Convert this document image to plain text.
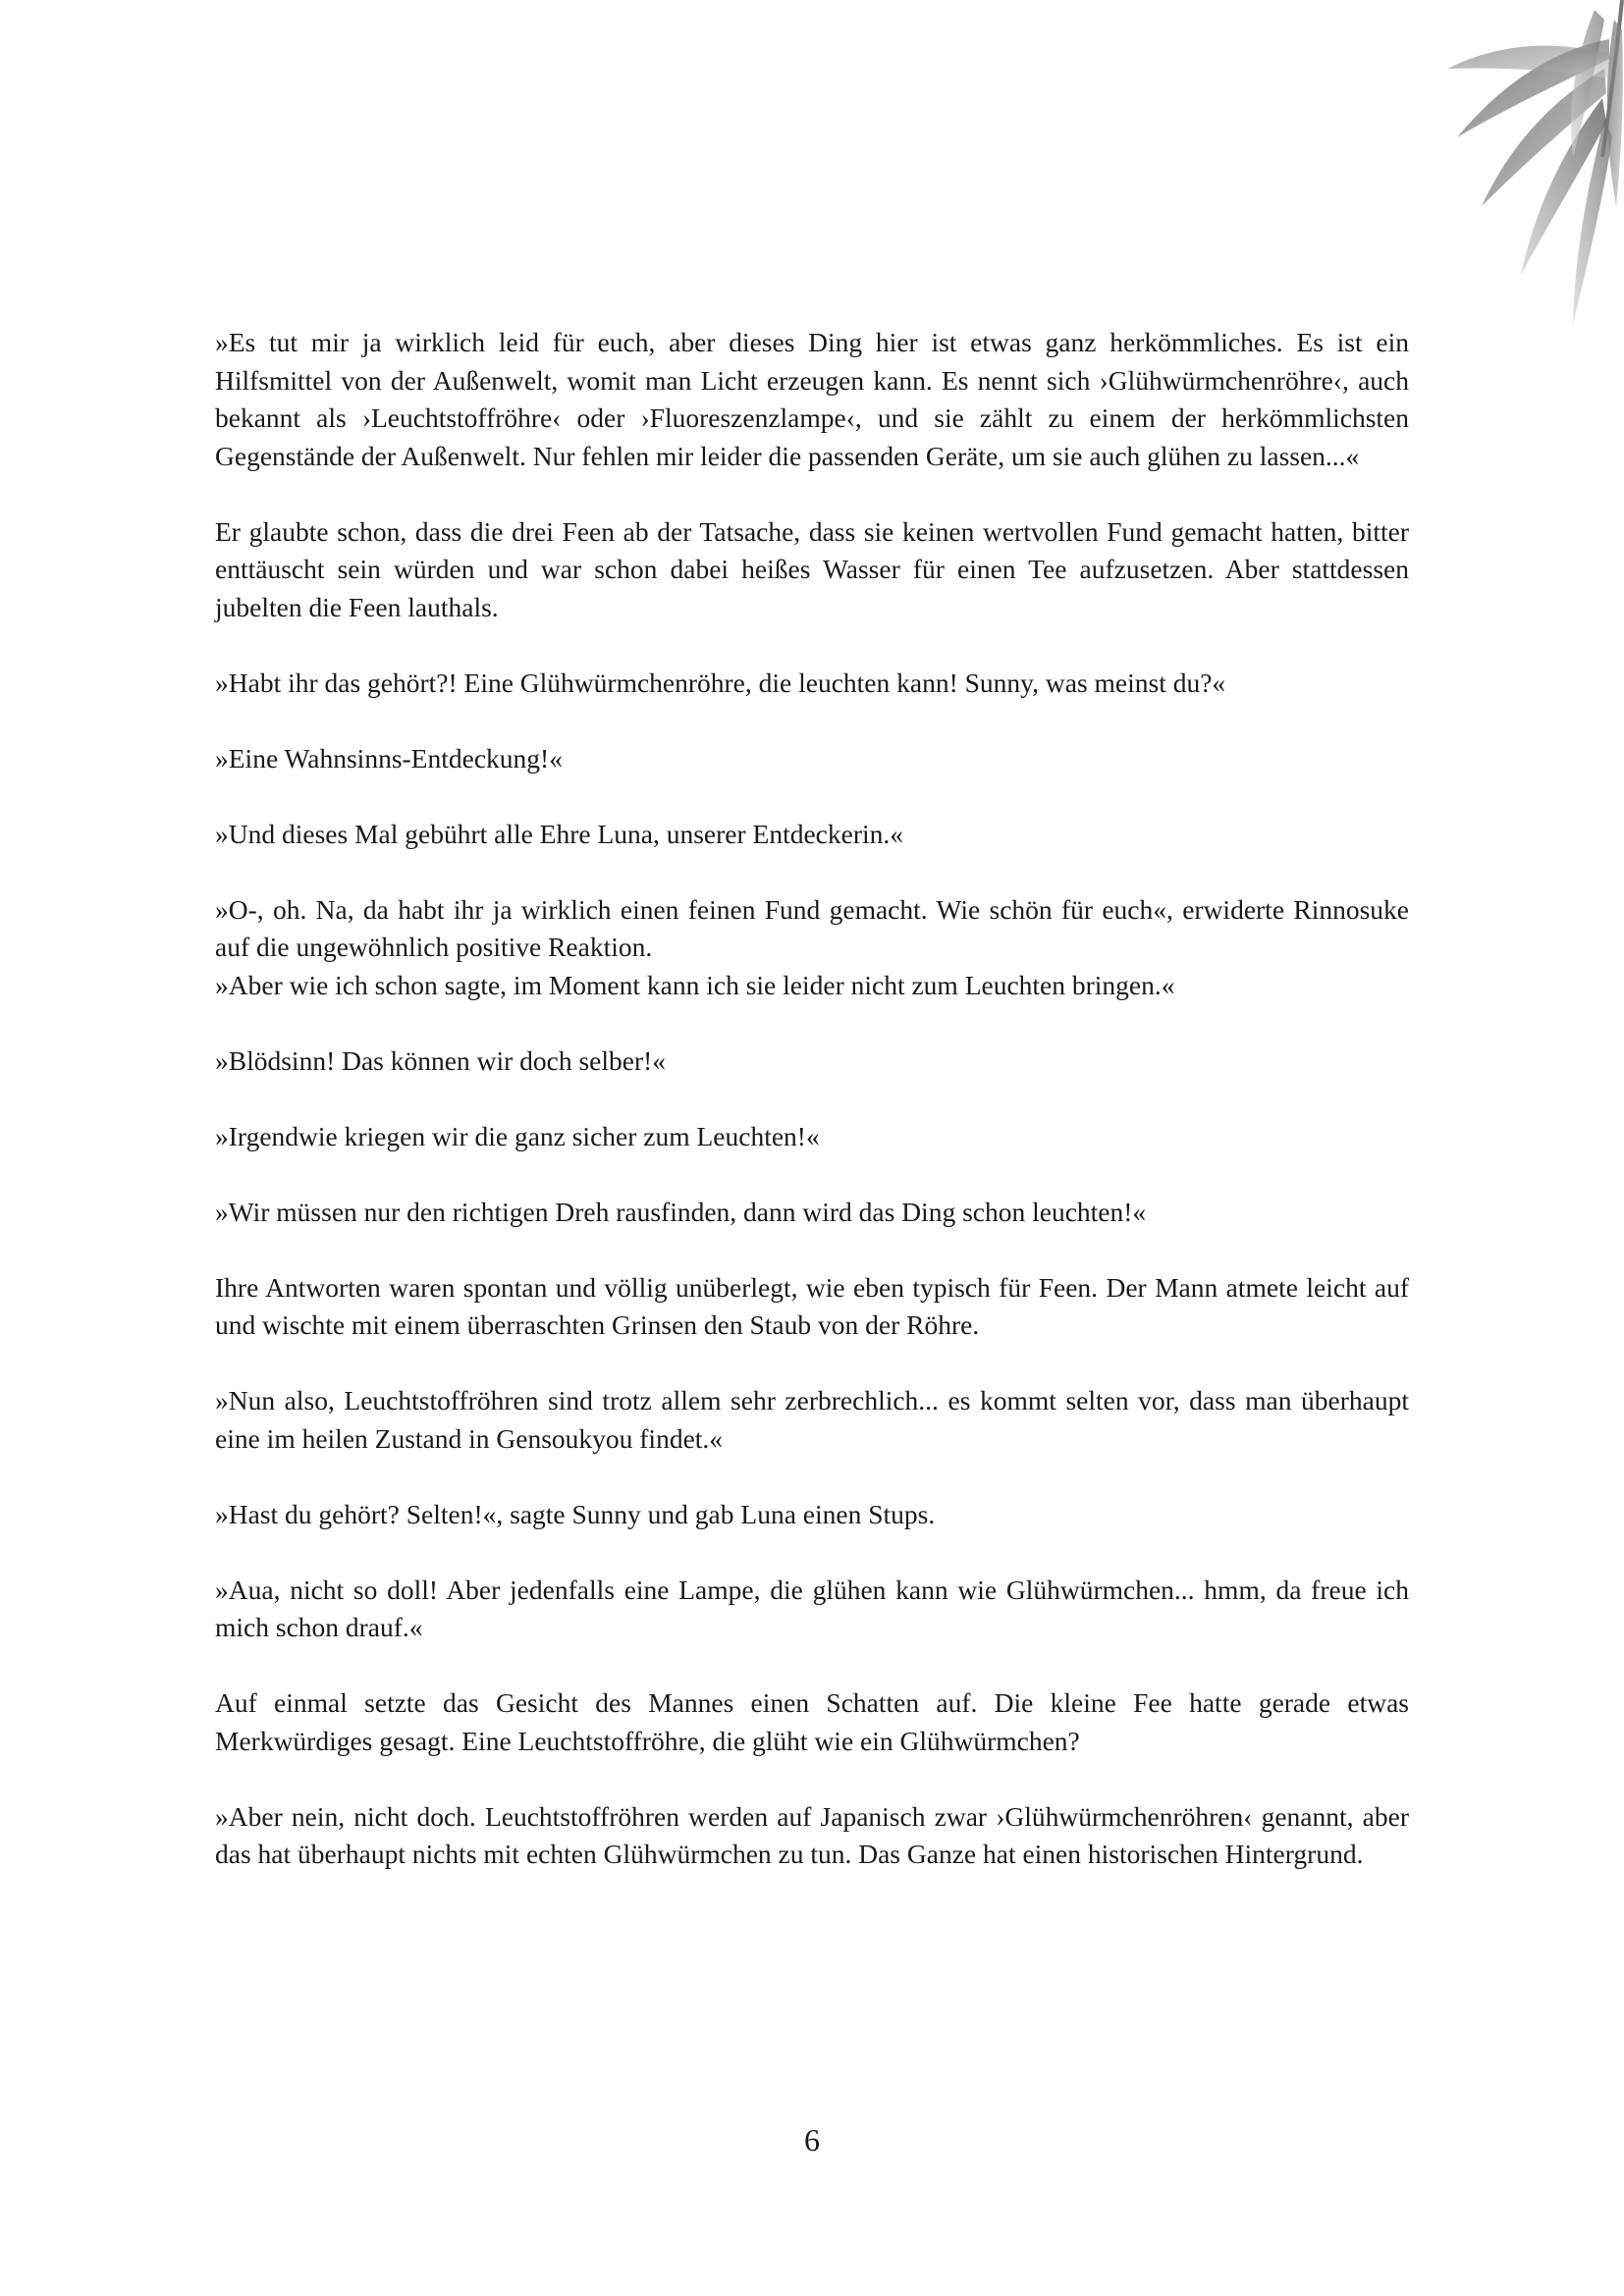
»Es tut mir ja wirklich leid für euch, aber dieses Ding hier ist etwas ganz herkömmliches. Es ist ein Hilfsmittel von der Außenwelt, womit man Licht erzeugen kann. Es nennt sich ›Glühwürmchenröhre‹, auch bekannt als ›Leuchtstoffröhre‹ oder ›Fluoreszenzlampe‹, und sie zählt zu einem der herkömmlichsten Gegenstände der Außenwelt. Nur fehlen mir leider die passenden Geräte, um sie auch glühen zu lassen...«

Er glaubte schon, dass die drei Feen ab der Tatsache, dass sie keinen wertvollen Fund gemacht hatten, bitter enttäuscht sein würden und war schon dabei heißes Wasser für einen Tee aufzusetzen. Aber stattdessen jubelten die Feen lauthals.

»Habt ihr das gehört?! Eine Glühwürmchenröhre, die leuchten kann! Sunny, was meinst du?«

»Eine Wahnsinns-Entdeckung!«

»Und dieses Mal gebührt alle Ehre Luna, unserer Entdeckerin.«

»O-, oh. Na, da habt ihr ja wirklich einen feinen Fund gemacht. Wie schön für euch«, erwiderte Rinnosuke auf die ungewöhnlich positive Reaktion.

»Aber wie ich schon sagte, im Moment kann ich sie leider nicht zum Leuchten bringen.«

»Blödsinn! Das können wir doch selber!«

»Irgendwie kriegen wir die ganz sicher zum Leuchten!«

»Wir müssen nur den richtigen Dreh rausfinden, dann wird das Ding schon leuchten!«

Ihre Antworten waren spontan und völlig unüberlegt, wie eben typisch für Feen. Der Mann atmete leicht auf und wischte mit einem überraschten Grinsen den Staub von der Röhre.

»Nun also, Leuchtstoffröhren sind trotz allem sehr zerbrechlich... es kommt selten vor, dass man überhaupt eine im heilen Zustand in Gensoukyou findet.«

»Hast du gehört? Selten!«, sagte Sunny und gab Luna einen Stups.

»Aua, nicht so doll! Aber jedenfalls eine Lampe, die glühen kann wie Glühwürmchen... hmm, da freue ich mich schon drauf.«

Auf einmal setzte das Gesicht des Mannes einen Schatten auf. Die kleine Fee hatte gerade etwas Merkwürdiges gesagt. Eine Leuchtstoffröhre, die glüht wie ein Glühwürmchen?

»Aber nein, nicht doch. Leuchtstoffröhren werden auf Japanisch zwar ›Glühwürmchenröhren‹ genannt, aber das hat überhaupt nichts mit echten Glühwürmchen zu tun. Das Ganze hat einen historischen Hintergrund.

6
